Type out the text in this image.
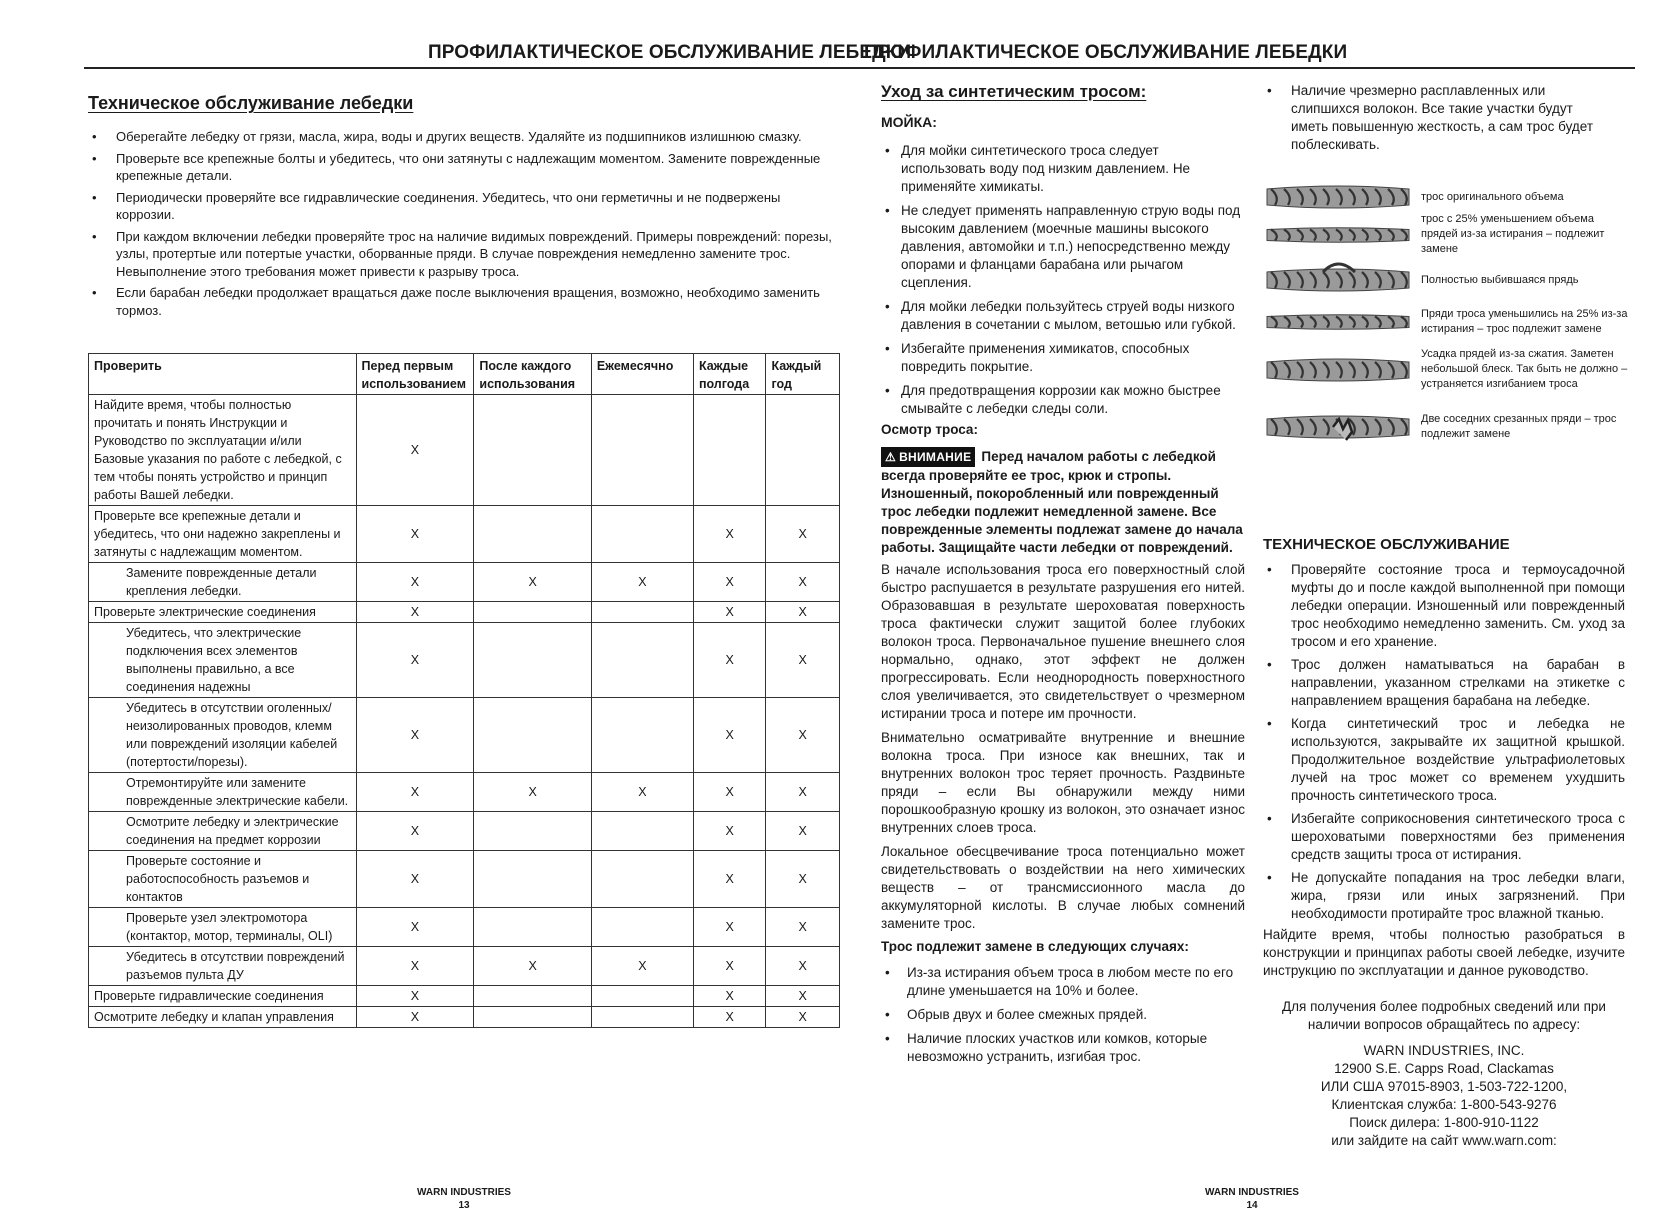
ПРОФИЛАКТИЧЕСКОЕ ОБСЛУЖИВАНИЕ ЛЕБЕДКИ
Техническое обслуживание лебедки
• Оберегайте лебедку от грязи, масла, жира, воды и других веществ. Удаляйте из подшипников излишнюю смазку.
• Проверьте все крепежные болты и убедитесь, что они затянуты с надлежащим моментом. Замените поврежденные крепежные детали.
• Периодически проверяйте все гидравлические соединения. Убедитесь, что они герметичны и не подвержены коррозии.
• При каждом включении лебедки проверяйте трос на наличие видимых повреждений. Примеры повреждений: порезы, узлы, протертые или потертые участки, оборванные пряди. В случае повреждения немедленно замените трос. Невыполнение этого требования может привести к разрыву троса.
• Если барабан лебедки продолжает вращаться даже после выключения вращения, возможно, необходимо заменить тормоз.
Проверить	Перед первым использованием	После каждого использования	Ежемесячно	Каждые полгода	Каждый год
Найдите время, чтобы полностью прочитать и понять Инструкции и Руководство по эксплуатации и/или Базовые указания по работе с лебедкой, с тем чтобы понять устройство и принцип работы Вашей лебедки.	X				
Проверьте все крепежные детали и убедитесь, что они надежно закреплены и затянуты с надлежащим моментом.	X			X	X
Замените поврежденные детали крепления лебедки.	X	X	X	X	X
Проверьте электрические соединения	X			X	X
Убедитесь, что электрические подключения всех элементов выполнены правильно, а все соединения надежны	X			X	X
Убедитесь в отсутствии оголенных/неизолированных проводов, клемм или повреждений изоляции кабелей (потертости/порезы).	X			X	X
Отремонтируйте или замените поврежденные электрические кабели.	X	X	X	X	X
Осмотрите лебедку и электрические соединения на предмет коррозии	X			X	X
Проверьте состояние и работоспособность разъемов и контактов	X			X	X
Проверьте узел электромотора (контактор, мотор, терминалы, OLI)	X			X	X
Убедитесь в отсутствии повреждений разъемов пульта ДУ	X	X	X	X	X
Проверьте гидравлические соединения	X			X	X
Осмотрите лебедку и клапан управления	X			X	X
WARN INDUSTRIES
13
ПРОФИЛАКТИЧЕСКОЕ ОБСЛУЖИВАНИЕ ЛЕБЕДКИ
Уход за синтетическим тросом:
МОЙКА:
• Для мойки синтетического троса следует использовать воду под низким давлением. Не применяйте химикаты.
• Не следует применять направленную струю воды под высоким давлением (моечные машины высокого давления, автомойки и т.п.) непосредственно между опорами и фланцами барабана или рычагом сцепления.
• Для мойки лебедки пользуйтесь струей воды низкого давления в сочетании с мылом, ветошью или губкой.
• Избегайте применения химикатов, способных повредить покрытие.
• Для предотвращения коррозии как можно быстрее смывайте с лебедки следы соли.
Осмотр троса:
⚠ ВНИМАНИЕ Перед началом работы с лебедкой всегда проверяйте ее трос, крюк и стропы. Изношенный, покоробленный или поврежденный трос лебедки подлежит немедленной замене. Все поврежденные элементы подлежат замене до начала работы. Защищайте части лебедки от повреждений.

В начале использования троса его поверхностный слой быстро распушается в результате разрушения его нитей. Образовавшая в результате шероховатая поверхность троса фактически служит защитой более глубоких волокон троса. Первоначальное пушение внешнего слоя нормально, однако, этот эффект не должен прогрессировать. Если неоднородность поверхностного слоя увеличивается, это свидетельствует о чрезмерном истирании троса и потере им прочности.

Внимательно осматривайте внутренние и внешние волокна троса. При износе как внешних, так и внутренних волокон трос теряет прочность. Раздвиньте пряди – если Вы обнаружили между ними порошкообразную крошку из волокон, это означает износ внутренних слоев троса.

Локальное обесцвечивание троса потенциально может свидетельствовать о воздействии на него химических веществ – от трансмиссионного масла до аккумуляторной кислоты. В случае любых сомнений замените трос.

Трос подлежит замене в следующих случаях:
• Из-за истирания объем троса в любом месте по его длине уменьшается на 10% и более.
• Обрыв двух и более смежных прядей.
• Наличие плоских участков или комков, которые невозможно устранить, изгибая трос.
• Наличие чрезмерно расплавленных или слипшихся волокон. Все такие участки будут иметь повышенную жесткость, а сам трос будет поблескивать.
трос оригинального объема
трос с 25% уменьшением объема прядей из-за истирания – подлежит замене
Полностью выбившаяся прядь
Пряди троса уменьшились на 25% из-за истирания – трос подлежит замене
Усадка прядей из-за сжатия. Заметен небольшой блеск. Так быть не должно – устраняется изгибанием троса
Две соседних срезанных пряди – трос подлежит замене
ТЕХНИЧЕСКОЕ ОБСЛУЖИВАНИЕ
• Проверяйте состояние троса и термоусадочной муфты до и после каждой выполненной при помощи лебедки операции. Изношенный или поврежденный трос необходимо немедленно заменить. См. уход за тросом и его хранение.
• Трос должен наматываться на барабан в направлении, указанном стрелками на этикетке с направлением вращения барабана на лебедке.
• Когда синтетический трос и лебедка не используются, закрывайте их защитной крышкой. Продолжительное воздействие ультрафиолетовых лучей на трос может со временем ухудшить прочность синтетического троса.
• Избегайте соприкосновения синтетического троса с шероховатыми поверхностями без применения средств защиты троса от истирания.
• Не допускайте попадания на трос лебедки влаги, жира, грязи или иных загрязнений. При необходимости протирайте трос влажной тканью.

Найдите время, чтобы полностью разобраться в конструкции и принципах работы своей лебедке, изучите инструкцию по эксплуатации и данное руководство.

Для получения более подробных сведений или при наличии вопросов обращайтесь по адресу:

WARN INDUSTRIES, INC.
12900 S.E. Capps Road, Clackamas
ИЛИ США 97015-8903, 1-503-722-1200,
Клиентская служба: 1-800-543-9276
Поиск дилера: 1-800-910-1122
или зайдите на сайт www.warn.com:
WARN INDUSTRIES
14
